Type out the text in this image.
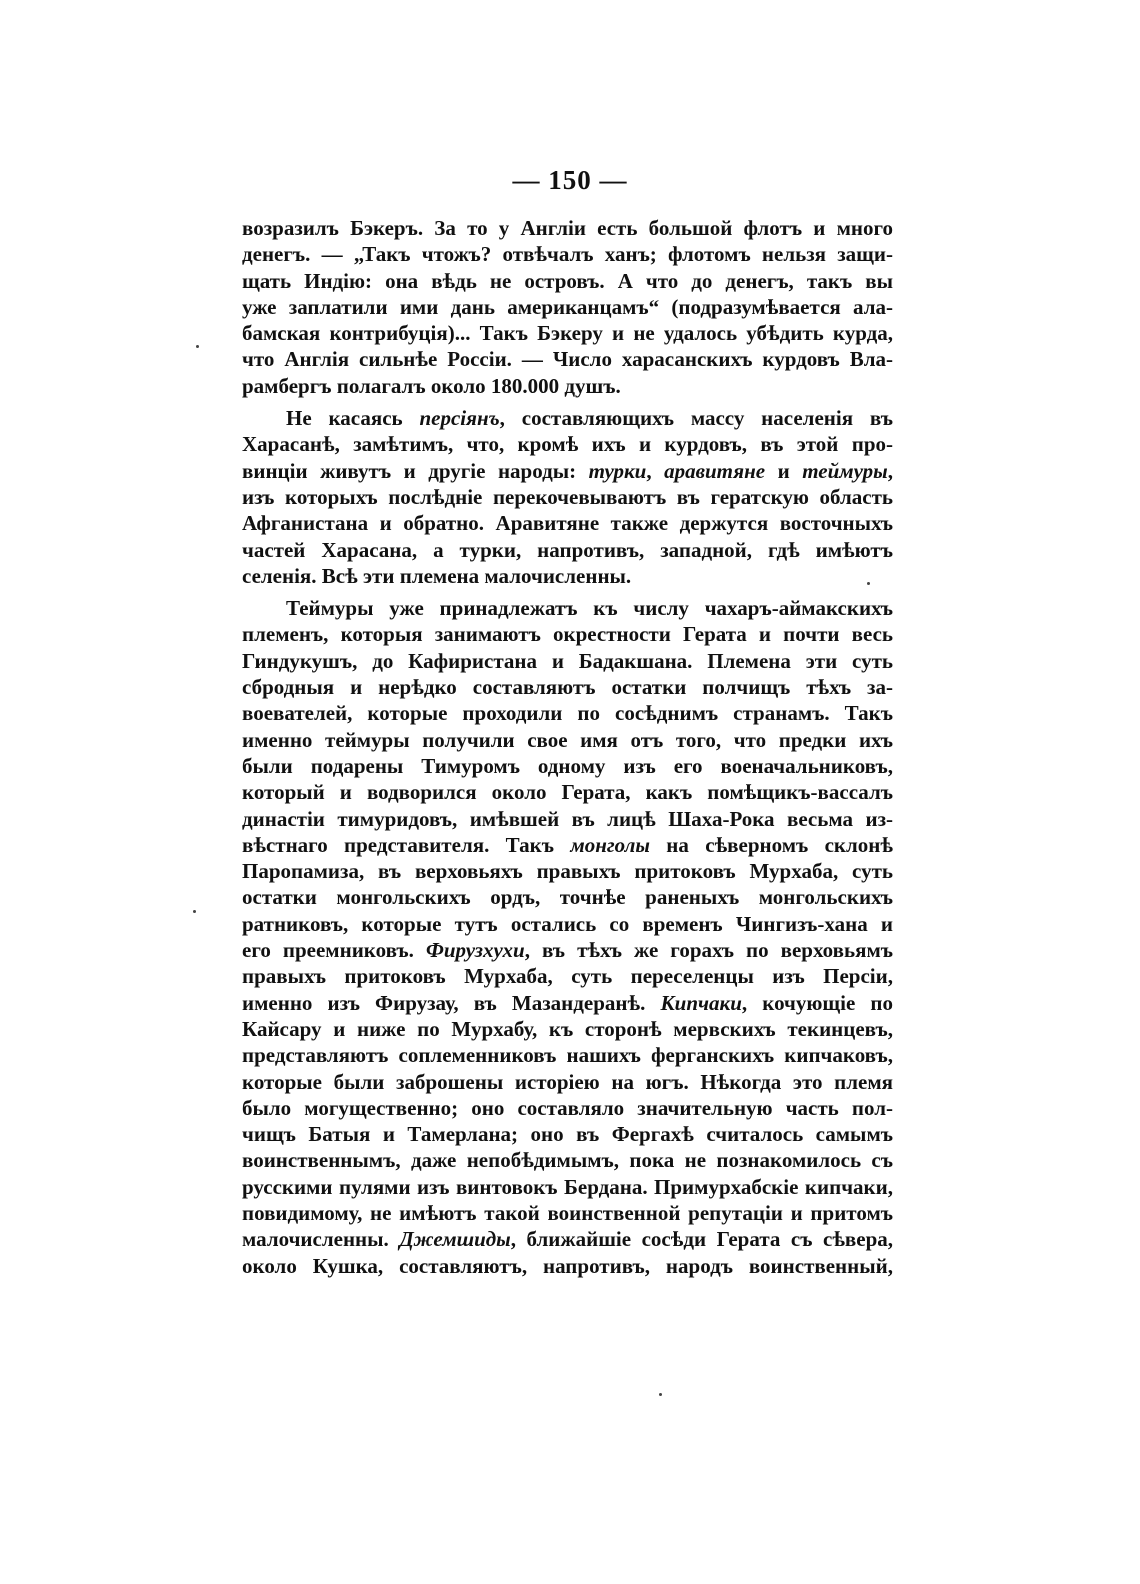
— 150 —
возразилъ Бэкеръ. За то у Англіи есть большой флотъ и много
денегъ. — „Такъ чтожъ? отвѣчалъ ханъ; флотомъ нельзя защи-
щать Индію: она вѣдь не островъ. А что до денегъ, такъ вы
уже заплатили ими дань американцамъ“ (подразумѣвается ала-
бамская контрибуція)... Такъ Бэкеру и не удалось убѣдить курда,
что Англія сильнѣе Россіи. — Число харасанскихъ курдовъ Вла-
рамбергъ полагалъ около 180.000 душъ.
Не касаясь персіянъ, составляющихъ массу населенія въ
Харасанѣ, замѣтимъ, что, кромѣ ихъ и курдовъ, въ этой про-
винціи живутъ и другіе народы: турки, аравитяне и теймуры,
изъ которыхъ послѣдніе перекочевываютъ въ гератскую область
Афганистана и обратно. Аравитяне также держутся восточныхъ
частей Харасана, а турки, напротивъ, западной, гдѣ имѣютъ
селенія. Всѣ эти племена малочисленны.
Теймуры уже принадлежатъ къ числу чахаръ-аймакскихъ
племенъ, которыя занимаютъ окрестности Герата и почти весь
Гиндукушъ, до Кафиристана и Бадакшана. Племена эти суть
сбродныя и нерѣдко составляютъ остатки полчищъ тѣхъ за-
воевателей, которые проходили по сосѣднимъ странамъ. Такъ
именно теймуры получили свое имя отъ того, что предки ихъ
были подарены Тимуромъ одному изъ его военачальниковъ,
который и водворился около Герата, какъ помѣщикъ-вассалъ
династіи тимуридовъ, имѣвшей въ лицѣ Шаха-Рока весьма из-
вѣстнаго представителя. Такъ монголы на сѣверномъ склонѣ
Паропамиза, въ верховьяхъ правыхъ притоковъ Мурхаба, суть
остатки монгольскихъ ордъ, точнѣе раненыхъ монгольскихъ
ратниковъ, которые тутъ остались со временъ Чингизъ-хана и
его преемниковъ. Фирузхухи, въ тѣхъ же горахъ по верховьямъ
правыхъ притоковъ Мурхаба, суть переселенцы изъ Персіи,
именно изъ Фирузау, въ Мазандеранѣ. Кипчаки, кочующіе по
Кайсару и ниже по Мурхабу, къ сторонѣ мервскихъ текинцевъ,
представляютъ соплеменниковъ нашихъ ферганскихъ кипчаковъ,
которые были заброшены исторіею на югъ. Нѣкогда это племя
было могущественно; оно составляло значительную часть пол-
чищъ Батыя и Тамерлана; оно въ Фергахѣ считалось самымъ
воинственнымъ, даже непобѣдимымъ, пока не познакомилось съ
русскими пулями изъ винтовокъ Бердана. Примурхабскіе кипчаки,
повидимому, не имѣютъ такой воинственной репутаціи и притомъ
малочисленны. Джемшиды, ближайшіе сосѣди Герата съ сѣвера,
около Кушка, составляютъ, напротивъ, народъ воинственный,
